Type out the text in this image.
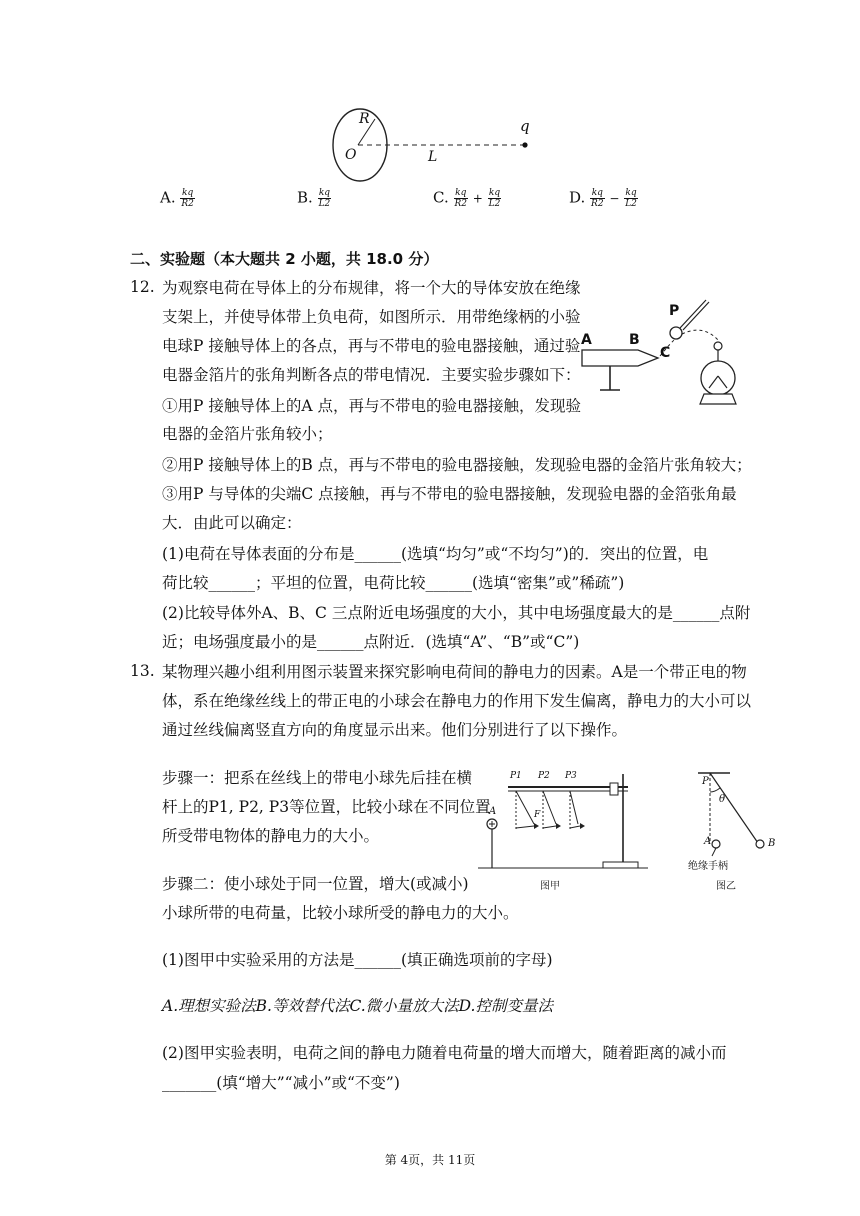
R
O	L
q
A. $\frac{kq}{R2}$	B. $\frac{kq}{L2}$	C. $\frac{kq}{R2} + \frac{kq}{L2}$	D. $\frac{kq}{R2} - \frac{kq}{L2}$
二、实验题（本大题共 2 小题，共 18.0 分）
12. 为观察电荷在导体上的分布规律，将一个大的导体安放在绝缘
支架上，并使导体带上负电荷，如图所示．用带绝缘柄的小验
电球P 接触导体上的各点，再与不带电的验电器接触，通过验
电器金箔片的张角判断各点的带电情况．主要实验步骤如下：
①用P 接触导体上的A 点，再与不带电的验电器接触，发现验
电器的金箔片张角较小；
②用P 接触导体上的B 点，再与不带电的验电器接触，发现验电器的金箔片张角较大；
③用P 与导体的尖端C 点接触，再与不带电的验电器接触，发现验电器的金箔张角最
大．由此可以确定：
(1)电荷在导体表面的分布是______(选填“均匀”或“不均匀”)的．突出的位置，电
荷比较______；平坦的位置，电荷比较______(选填“密集”或”稀疏”)
(2)比较导体外A、B、C 三点附近电场强度的大小，其中电场强度最大的是______点附
近；电场强度最小的是______点附近．(选填“A”、“B”或“C”)
A	B
C
P
13. 某物理兴趣小组利用图示装置来探究影响电荷间的静电力的因素。A是一个带正电的物
体，系在绝缘丝线上的带正电的小球会在静电力的作用下发生偏离，静电力的大小可以
通过丝线偏离竖直方向的角度显示出来。他们分别进行了以下操作。
步骤一：把系在丝线上的带电小球先后挂在横
杆上的P1, P2, P3等位置，比较小球在不同位置
所受带电物体的静电力的大小。
步骤二：使小球处于同一位置，增大(或减小)
小球所带的电荷量，比较小球所受的静电力的大小。
(1)图甲中实验采用的方法是______(填正确选项前的字母)
A.理想实验法B.等效替代法C.微小量放大法D.控制变量法
(2)图甲实验表明，电荷之间的静电力随着电荷量的增大而增大，随着距离的减小而
_______(填“增大”“减小”或“不变”)
P1 P2 P3
A	F
图甲
P
θ
A	B
绝缘手柄
图乙
第 4页，共 11页
